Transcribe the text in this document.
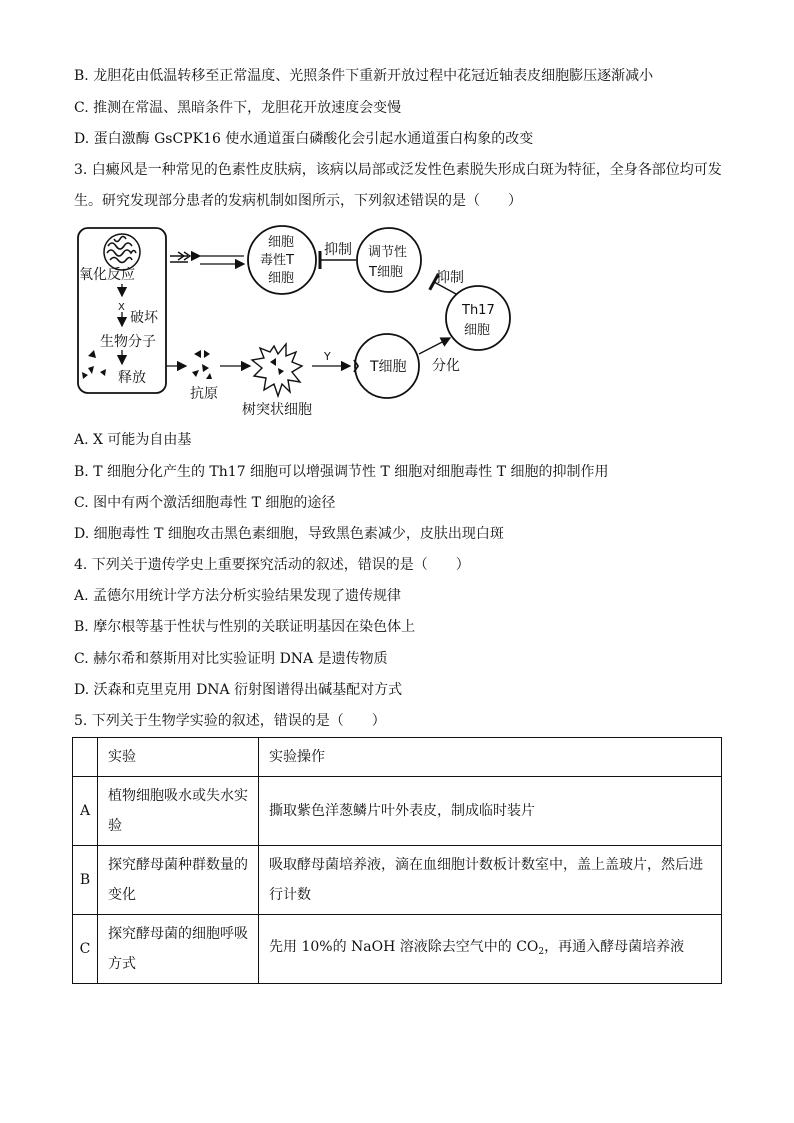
B. 龙胆花由低温转移至正常温度、光照条件下重新开放过程中花冠近轴表皮细胞膨压逐渐减小
C. 推测在常温、黑暗条件下，龙胆花开放速度会变慢
D. 蛋白激酶 GsCPK16 使水通道蛋白磷酸化会引起水通道蛋白构象的改变
3. 白癜风是一种常见的色素性皮肤病，该病以局部或泛发性色素脱失形成白斑为特征，全身各部位均可发生。研究发现部分患者的发病机制如图所示，下列叙述错误的是（　　）
氧化反应
X
破坏
生物分子
释放
抗原
树突状细胞
Y
T细胞 分化
Th17
细胞
抑制
调节性
T细胞
抑制
细胞
毒性T
细胞
A. X 可能为自由基
B. T 细胞分化产生的 Th17 细胞可以增强调节性 T 细胞对细胞毒性 T 细胞的抑制作用
C. 图中有两个激活细胞毒性 T 细胞的途径
D. 细胞毒性 T 细胞攻击黑色素细胞，导致黑色素减少，皮肤出现白斑
4. 下列关于遗传学史上重要探究活动的叙述，错误的是（　　）
A. 孟德尔用统计学方法分析实验结果发现了遗传规律
B. 摩尔根等基于性状与性别的关联证明基因在染色体上
C. 赫尔希和蔡斯用对比实验证明 DNA 是遗传物质
D. 沃森和克里克用 DNA 衍射图谱得出碱基配对方式
5. 下列关于生物学实验的叙述，错误的是（　　）
	实验	实验操作
A	植物细胞吸水或失水实验	撕取紫色洋葱鳞片叶外表皮，制成临时装片
B	探究酵母菌种群数量的变化	吸取酵母菌培养液，滴在血细胞计数板计数室中，盖上盖玻片，然后进行计数
C	探究酵母菌的细胞呼吸方式	先用 10%的 NaOH 溶液除去空气中的 $CO_2$，再通入酵母菌培养液
